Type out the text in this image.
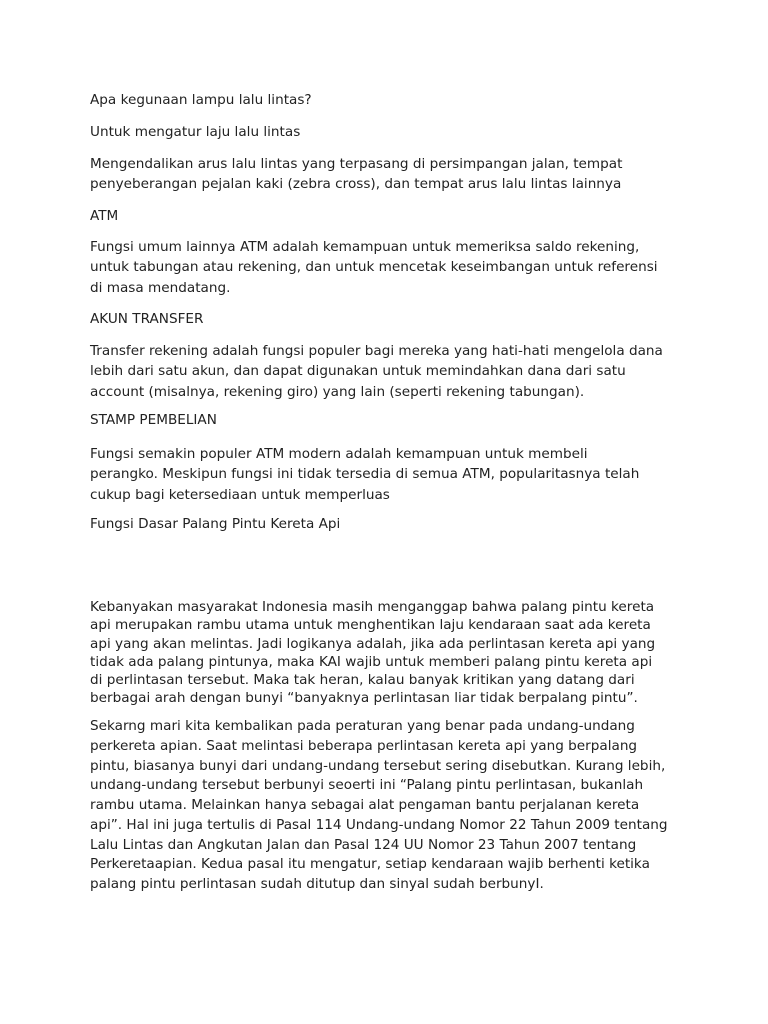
Apa kegunaan lampu lalu lintas?
Untuk mengatur laju lalu lintas
Mengendalikan arus lalu lintas yang terpasang di persimpangan jalan, tempat
penyeberangan pejalan kaki (zebra cross), dan tempat arus lalu lintas lainnya
ATM
Fungsi umum lainnya ATM adalah kemampuan untuk memeriksa saldo rekening,
untuk tabungan atau rekening, dan untuk mencetak keseimbangan untuk referensi
di masa mendatang.
AKUN TRANSFER
Transfer rekening adalah fungsi populer bagi mereka yang hati-hati mengelola dana
lebih dari satu akun, dan dapat digunakan untuk memindahkan dana dari satu
account (misalnya, rekening giro) yang lain (seperti rekening tabungan).
STAMP PEMBELIAN
Fungsi semakin populer ATM modern adalah kemampuan untuk membeli
perangko. Meskipun fungsi ini tidak tersedia di semua ATM, popularitasnya telah
cukup bagi ketersediaan untuk memperluas
Fungsi Dasar Palang Pintu Kereta Api
Kebanyakan masyarakat Indonesia masih menganggap bahwa palang pintu kereta
api merupakan rambu utama untuk menghentikan laju kendaraan saat ada kereta
api yang akan melintas. Jadi logikanya adalah, jika ada perlintasan kereta api yang
tidak ada palang pintunya, maka KAI wajib untuk memberi palang pintu kereta api
di perlintasan tersebut. Maka tak heran, kalau banyak kritikan yang datang dari
berbagai arah dengan bunyi “banyaknya perlintasan liar tidak berpalang pintu”.
Sekarng mari kita kembalikan pada peraturan yang benar pada undang-undang
perkereta apian. Saat melintasi beberapa perlintasan kereta api yang berpalang
pintu, biasanya bunyi dari undang-undang tersebut sering disebutkan. Kurang lebih,
undang-undang tersebut berbunyi seoerti ini “Palang pintu perlintasan, bukanlah
rambu utama. Melainkan hanya sebagai alat pengaman bantu perjalanan kereta
api”. Hal ini juga tertulis di Pasal 114 Undang-undang Nomor 22 Tahun 2009 tentang
Lalu Lintas dan Angkutan Jalan dan Pasal 124 UU Nomor 23 Tahun 2007 tentang
Perkeretaapian. Kedua pasal itu mengatur, setiap kendaraan wajib berhenti ketika
palang pintu perlintasan sudah ditutup dan sinyal sudah berbunyI.
